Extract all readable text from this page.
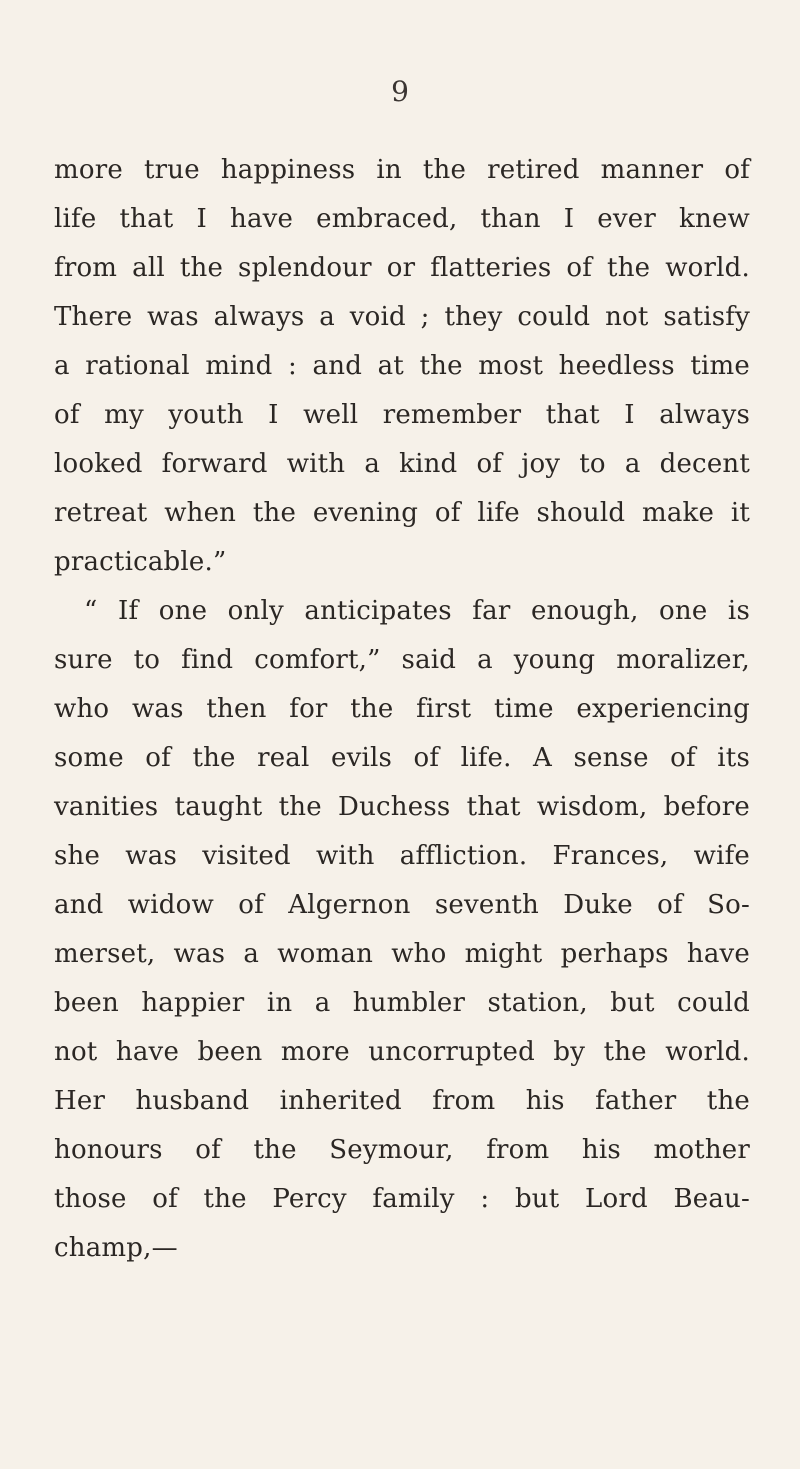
9
more true happiness in the retired manner of
life that I have embraced, than I ever knew
from all the splendour or flatteries of the world.
There was always a void ; they could not satisfy
a rational mind : and at the most heedless time
of my youth I well remember that I always
looked forward with a kind of joy to a decent
retreat when the evening of life should make it
practicable.”
“ If one only anticipates far enough, one is
sure to find comfort,” said a young moralizer,
who was then for the first time experiencing
some of the real evils of life. A sense of its
vanities taught the Duchess that wisdom, before
she was visited with affliction. Frances, wife
and widow of Algernon seventh Duke of So-
merset, was a woman who might perhaps have
been happier in a humbler station, but could
not have been more uncorrupted by the world.
Her husband inherited from his father the
honours of the Seymour, from his mother
those of the Percy family : but Lord Beau-
champ,—
